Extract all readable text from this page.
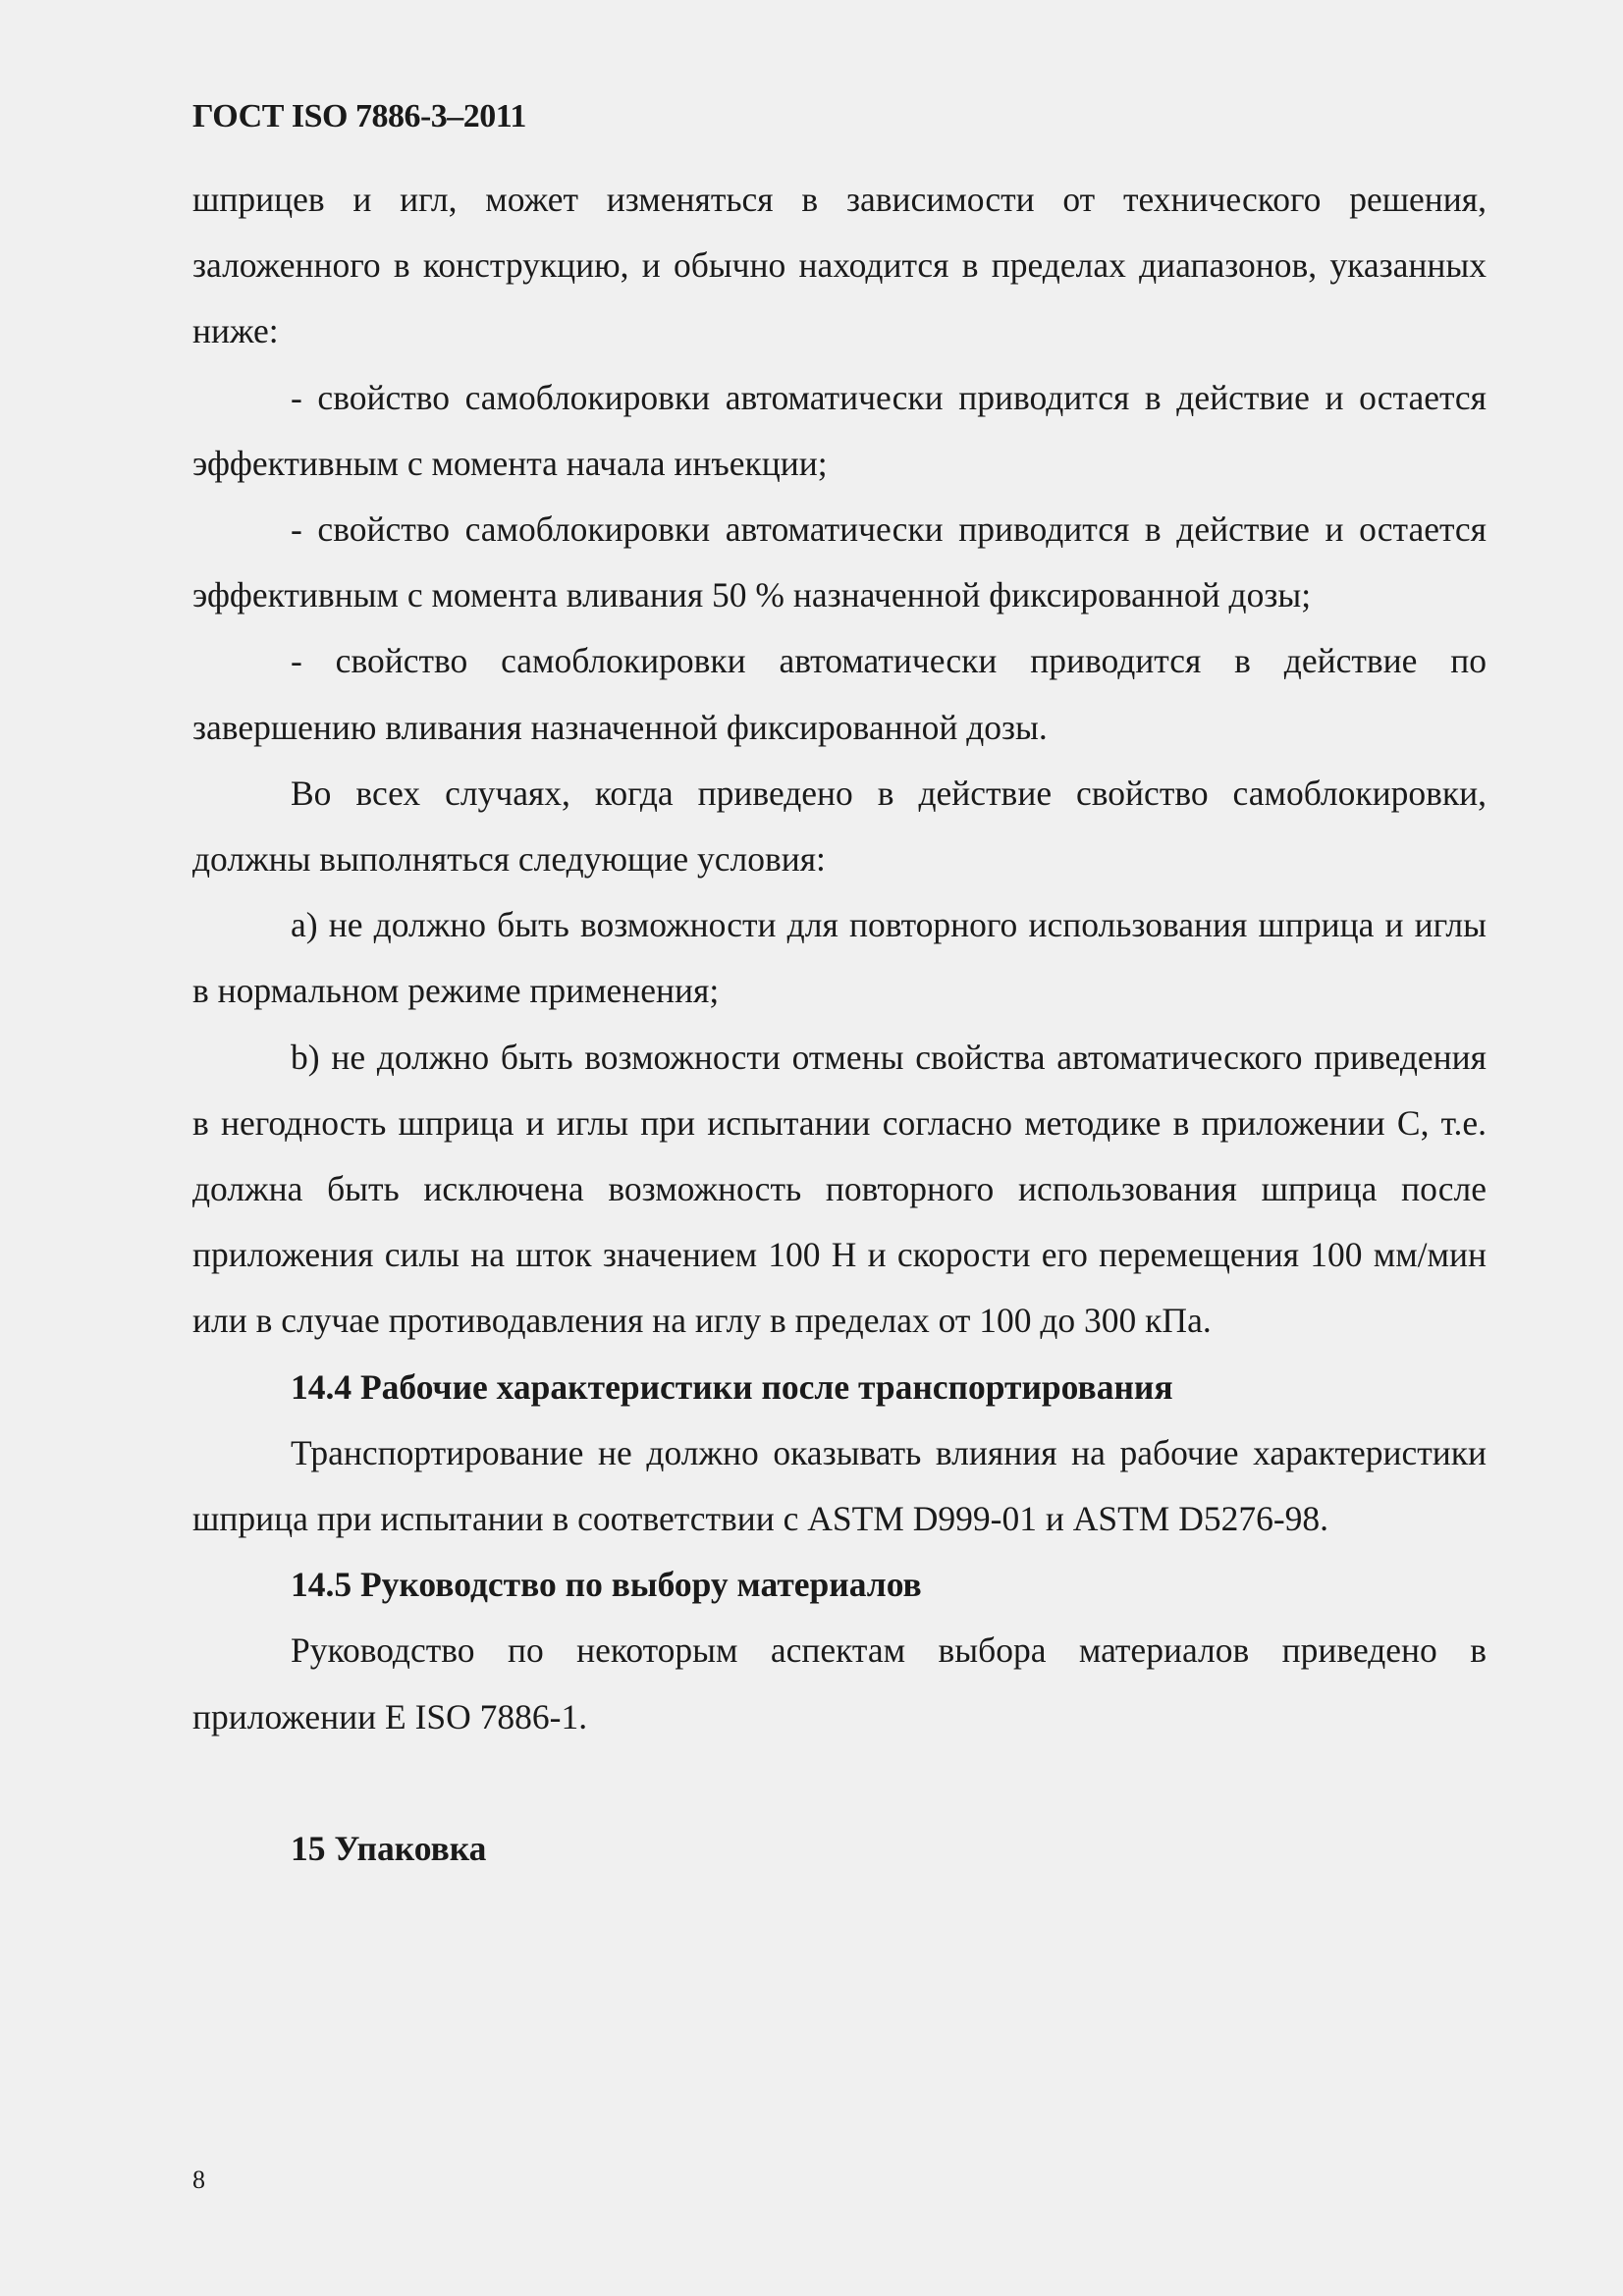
ГОСТ ISO 7886-3–2011

шприцев и игл, может изменяться в зависимости от технического решения, заложенного в конструкцию, и обычно находится в пределах диапазонов, указанных ниже:

- свойство самоблокировки автоматически приводится в действие и остается эффективным с момента начала инъекции;

- свойство самоблокировки автоматически приводится в действие и остается эффективным с момента вливания 50 % назначенной фиксированной дозы;

- свойство самоблокировки автоматически приводится в действие по завершению вливания назначенной фиксированной дозы.

Во всех случаях, когда приведено в действие свойство самоблокировки, должны выполняться следующие условия:

а) не должно быть возможности для повторного использования шприца и иглы в нормальном режиме применения;

b) не должно быть возможности отмены свойства автоматического приведения в негодность шприца и иглы при испытании согласно методике в приложении С, т.е. должна быть исключена возможность повторного использования шприца после приложения силы на шток значением 100 Н и скорости его перемещения 100 мм/мин или в случае противодавления на иглу в пределах от 100 до 300 кПа.

14.4 Рабочие характеристики после транспортирования

Транспортирование не должно оказывать влияния на рабочие характеристики шприца при испытании в соответствии с ASTM D999-01 и ASTM D5276-98.

14.5 Руководство по выбору материалов

Руководство по некоторым аспектам выбора материалов приведено в приложении Е ISO 7886-1.

15 Упаковка

8
